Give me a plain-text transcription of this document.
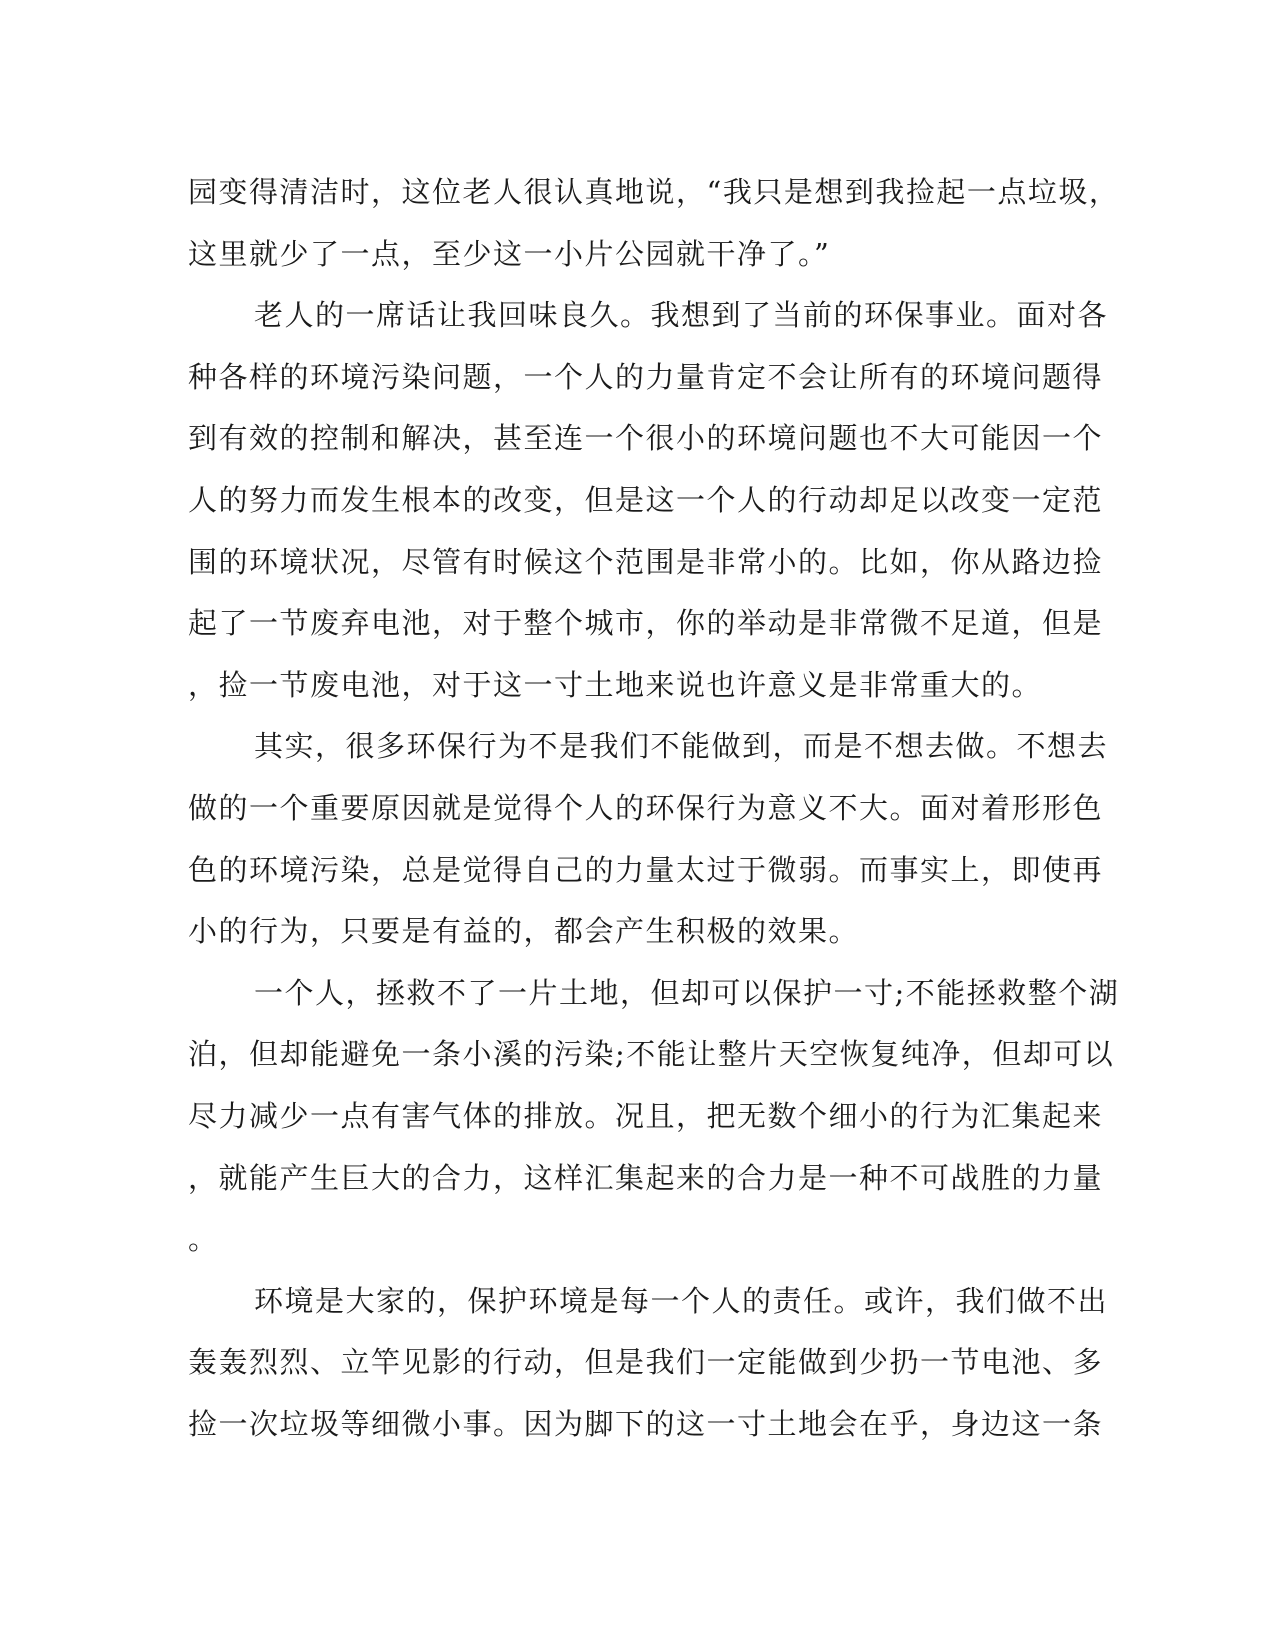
园变得清洁时，这位老人很认真地说，“我只是想到我捡起一点垃圾，
这里就少了一点，至少这一小片公园就干净了。”
老人的一席话让我回味良久。我想到了当前的环保事业。面对各
种各样的环境污染问题，一个人的力量肯定不会让所有的环境问题得
到有效的控制和解决，甚至连一个很小的环境问题也不大可能因一个
人的努力而发生根本的改变，但是这一个人的行动却足以改变一定范
围的环境状况，尽管有时候这个范围是非常小的。比如，你从路边捡
起了一节废弃电池，对于整个城市，你的举动是非常微不足道，但是
，捡一节废电池，对于这一寸土地来说也许意义是非常重大的。
其实，很多环保行为不是我们不能做到，而是不想去做。不想去
做的一个重要原因就是觉得个人的环保行为意义不大。面对着形形色
色的环境污染，总是觉得自己的力量太过于微弱。而事实上，即使再
小的行为，只要是有益的，都会产生积极的效果。
一个人，拯救不了一片土地，但却可以保护一寸;不能拯救整个湖
泊，但却能避免一条小溪的污染;不能让整片天空恢复纯净，但却可以
尽力减少一点有害气体的排放。况且，把无数个细小的行为汇集起来
，就能产生巨大的合力，这样汇集起来的合力是一种不可战胜的力量
。
环境是大家的，保护环境是每一个人的责任。或许，我们做不出
轰轰烈烈、立竿见影的行动，但是我们一定能做到少扔一节电池、多
捡一次垃圾等细微小事。因为脚下的这一寸土地会在乎，身边这一条
